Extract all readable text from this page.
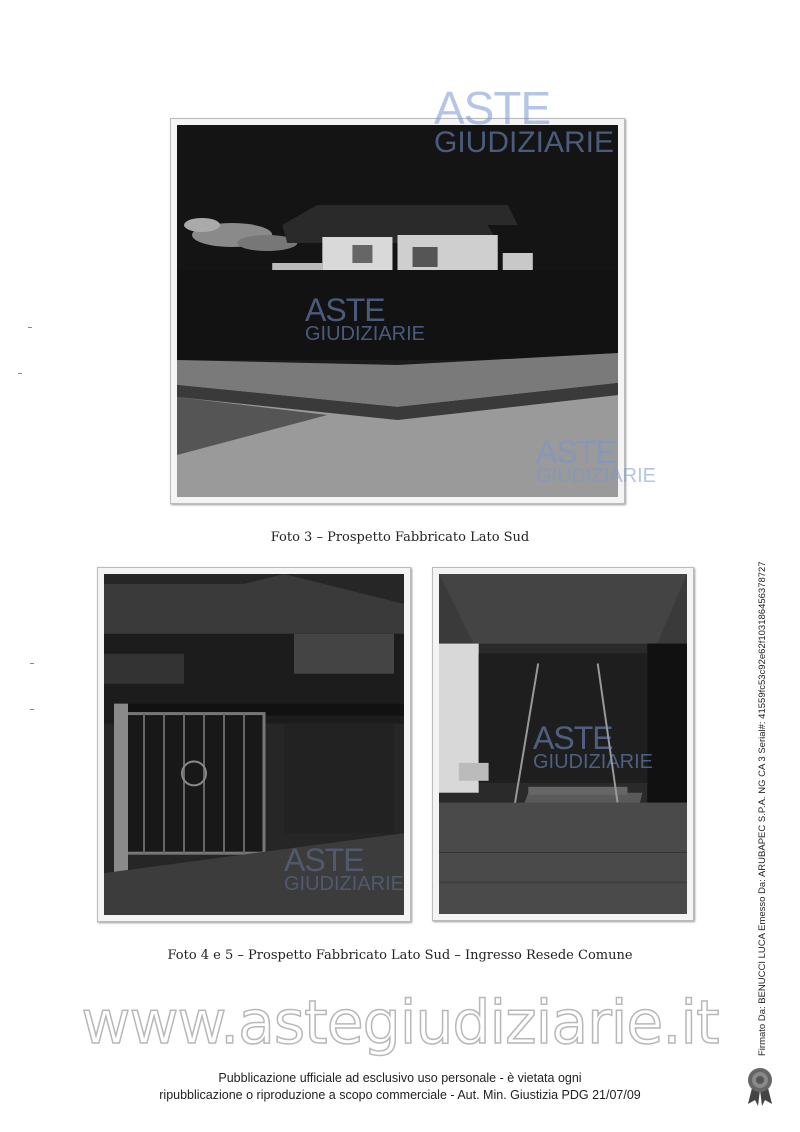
ASTE
GIUDIZIARIE
ASTE
GIUDIZIARIE
ASTE
GIUDIZIARIE
Foto 3 – Prospetto Fabbricato Lato Sud
ASTE
GIUDIZIARIE
ASTE
GIUDIZIARIE
Foto 4 e 5 – Prospetto Fabbricato Lato Sud – Ingresso Resede Comune
www.astegiudiziarie.it
Pubblicazione ufficiale ad esclusivo uso personale - è vietata ogni
ripubblicazione o riproduzione a scopo commerciale - Aut. Min. Giustizia PDG 21/07/09
Firmato Da: BENUCCI LUCA Emesso Da: ARUBAPEC S.P.A. NG CA 3 Serial#: 41559fc53c92e62f103186456378727
